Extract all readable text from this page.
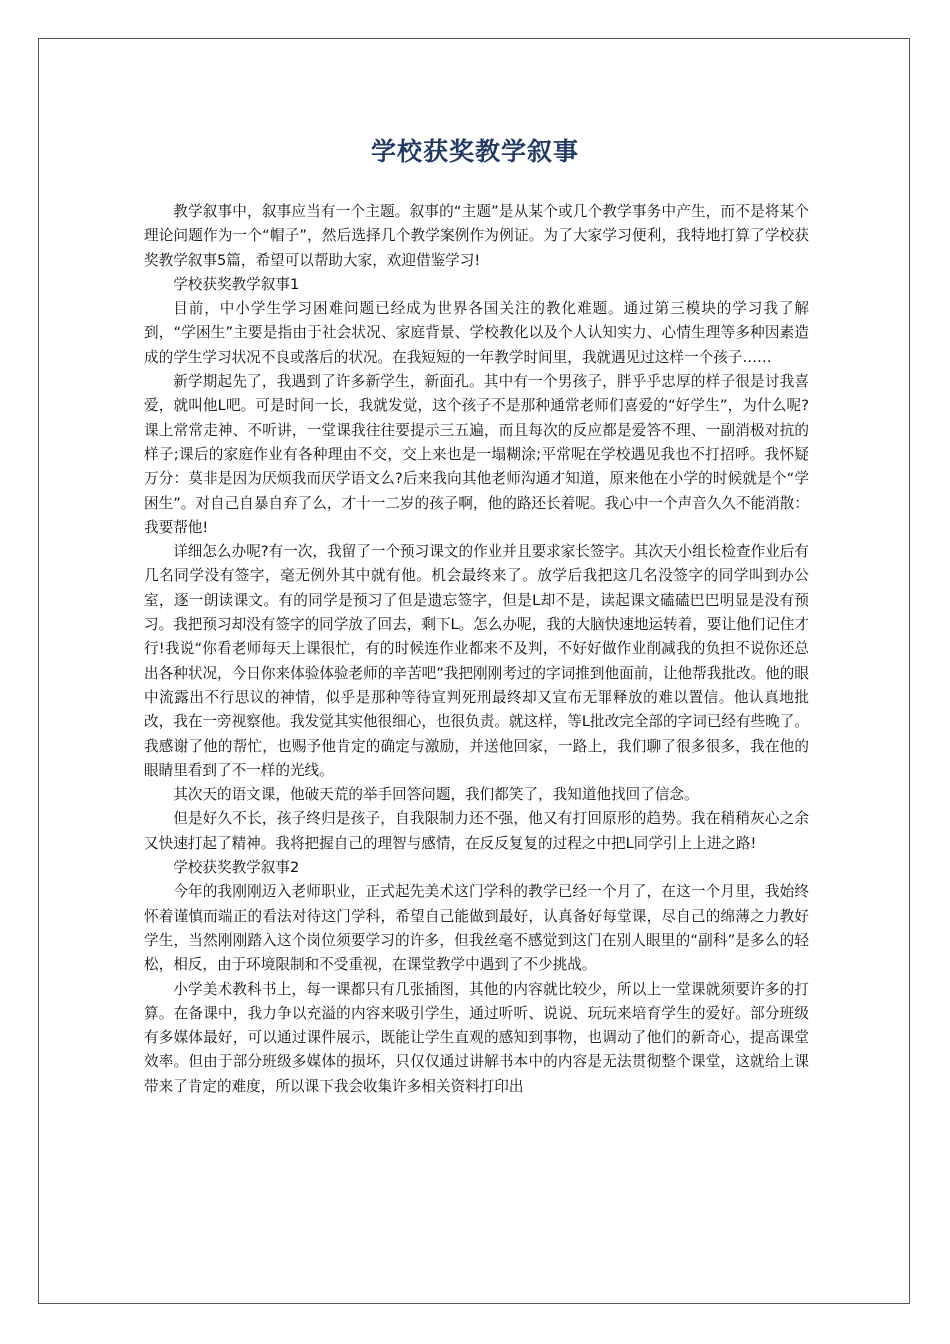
学校获奖教学叙事

教学叙事中，叙事应当有一个主题。叙事的“主题”是从某个或几个教学事务中产生，而不是将某个理论问题作为一个“帽子”，然后选择几个教学案例作为例证。为了大家学习便利，我特地打算了学校获奖教学叙事5篇，希望可以帮助大家，欢迎借鉴学习!

学校获奖教学叙事1

目前，中小学生学习困难问题已经成为世界各国关注的教化难题。通过第三模块的学习我了解到，“学困生”主要是指由于社会状况、家庭背景、学校教化以及个人认知实力、心情生理等多种因素造成的学生学习状况不良或落后的状况。在我短短的一年教学时间里，我就遇见过这样一个孩子……

新学期起先了，我遇到了许多新学生，新面孔。其中有一个男孩子，胖乎乎忠厚的样子很是讨我喜爱，就叫他L吧。可是时间一长，我就发觉，这个孩子不是那种通常老师们喜爱的“好学生”，为什么呢?课上常常走神、不听讲，一堂课我往往要提示三五遍，而且每次的反应都是爱答不理、一副消极对抗的样子;课后的家庭作业有各种理由不交，交上来也是一塌糊涂;平常呢在学校遇见我也不打招呼。我怀疑万分：莫非是因为厌烦我而厌学语文么?后来我向其他老师沟通才知道，原来他在小学的时候就是个“学困生”。对自己自暴自弃了么，才十一二岁的孩子啊，他的路还长着呢。我心中一个声音久久不能消散：我要帮他!

详细怎么办呢?有一次，我留了一个预习课文的作业并且要求家长签字。其次天小组长检查作业后有几名同学没有签字，毫无例外其中就有他。机会最终来了。放学后我把这几名没签字的同学叫到办公室，逐一朗读课文。有的同学是预习了但是遗忘签字，但是L却不是，读起课文磕磕巴巴明显是没有预习。我把预习却没有签字的同学放了回去，剩下L。怎么办呢，我的大脑快速地运转着，要让他们记住才行!我说“你看老师每天上课很忙，有的时候连作业都来不及判，不好好做作业削减我的负担不说你还总出各种状况，今日你来体验体验老师的辛苦吧”我把刚刚考过的字词推到他面前，让他帮我批改。他的眼中流露出不行思议的神情，似乎是那种等待宣判死刑最终却又宣布无罪释放的难以置信。他认真地批改，我在一旁视察他。我发觉其实他很细心，也很负责。就这样，等L批改完全部的字词已经有些晚了。我感谢了他的帮忙，也赐予他肯定的确定与激励，并送他回家，一路上，我们聊了很多很多，我在他的眼睛里看到了不一样的光线。

其次天的语文课，他破天荒的举手回答问题，我们都笑了，我知道他找回了信念。

但是好久不长，孩子终归是孩子，自我限制力还不强，他又有打回原形的趋势。我在稍稍灰心之余又快速打起了精神。我将把握自己的理智与感情，在反反复复的过程之中把L同学引上上进之路!

学校获奖教学叙事2

今年的我刚刚迈入老师职业，正式起先美术这门学科的教学已经一个月了，在这一个月里，我始终怀着谨慎而端正的看法对待这门学科，希望自己能做到最好，认真备好每堂课，尽自己的绵薄之力教好学生，当然刚刚踏入这个岗位须要学习的许多，但我丝毫不感觉到这门在别人眼里的“副科”是多么的轻松，相反，由于环境限制和不受重视，在课堂教学中遇到了不少挑战。

小学美术教科书上，每一课都只有几张插图，其他的内容就比较少，所以上一堂课就须要许多的打算。在备课中，我力争以充溢的内容来吸引学生，通过听听、说说、玩玩来培育学生的爱好。部分班级有多媒体最好，可以通过课件展示，既能让学生直观的感知到事物，也调动了他们的新奇心，提高课堂效率。但由于部分班级多媒体的损坏，只仅仅通过讲解书本中的内容是无法贯彻整个课堂，这就给上课带来了肯定的难度，所以课下我会收集许多相关资料打印出
